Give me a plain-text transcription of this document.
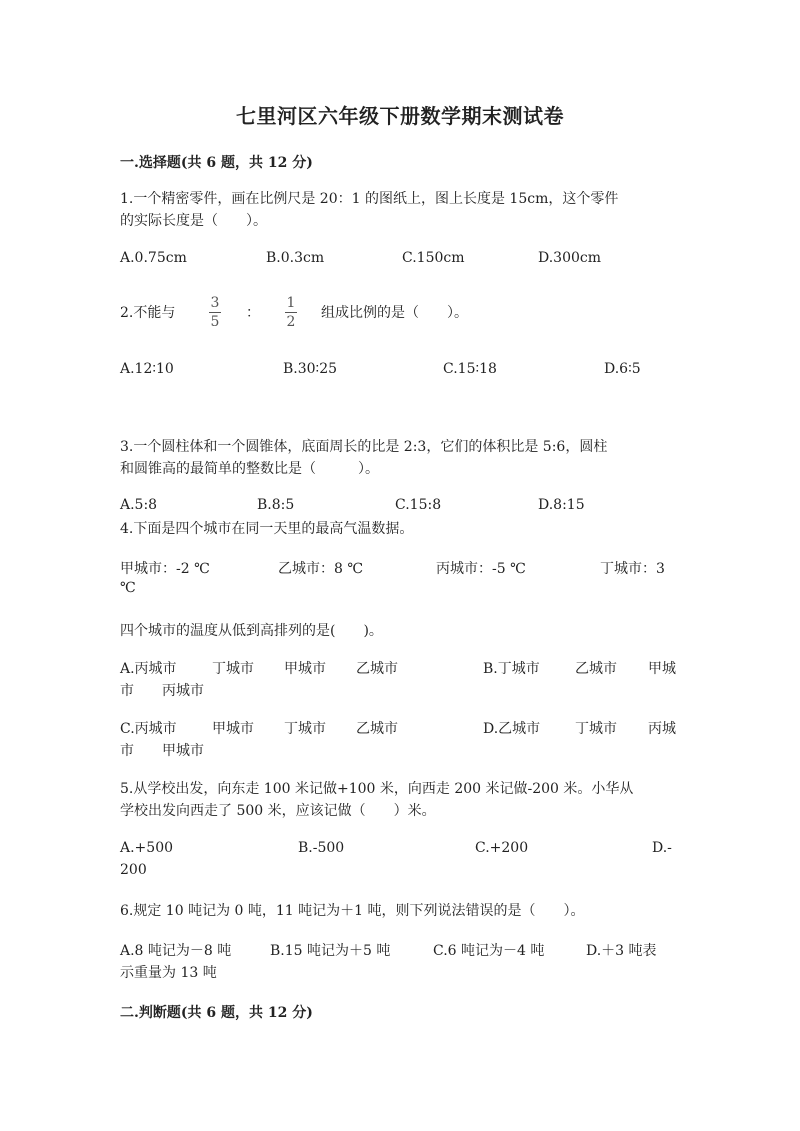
七里河区六年级下册数学期末测试卷
一.选择题(共 6 题，共 12 分)
1.一个精密零件，画在比例尺是 20：1 的图纸上，图上长度是 15cm，这个零件
的实际长度是（　　）。
A.0.75cm	B.0.3cm	C.150cm	D.300cm
2.不能与
3
5
：
1
2
组成比例的是（　　）。
A.12∶10	B.30∶25	C.15∶18	D.6∶5
3.一个圆柱体和一个圆锥体，底面周长的比是 2:3，它们的体积比是 5:6，圆柱
和圆锥高的最简单的整数比是（　　　）。
A.5:8	B.8:5	C.15:8	D.8:15
4.下面是四个城市在同一天里的最高气温数据。
甲城市：-2 ℃	乙城市：8 ℃	丙城市：-5 ℃	丁城市：3
℃
四个城市的温度从低到高排列的是(　　)。
A.丙城市	丁城市 甲城市 乙城市	B.丁城市	乙城市 甲城
市 丙城市
C.丙城市	甲城市 丁城市 乙城市	D.乙城市 丁城市 丙城
市 甲城市
5.从学校出发，向东走 100 米记做+100 米，向西走 200 米记做-200 米。小华从
学校出发向西走了 500 米，应该记做（　　）米。
A.+500	B.-500	C.+200	D.-
200
6.规定 10 吨记为 0 吨，11 吨记为＋1 吨，则下列说法错误的是（　　）。
A.8 吨记为－8 吨	B.15 吨记为＋5 吨	C.6 吨记为－4 吨	D.＋3 吨表
示重量为 13 吨
二.判断题(共 6 题，共 12 分)
